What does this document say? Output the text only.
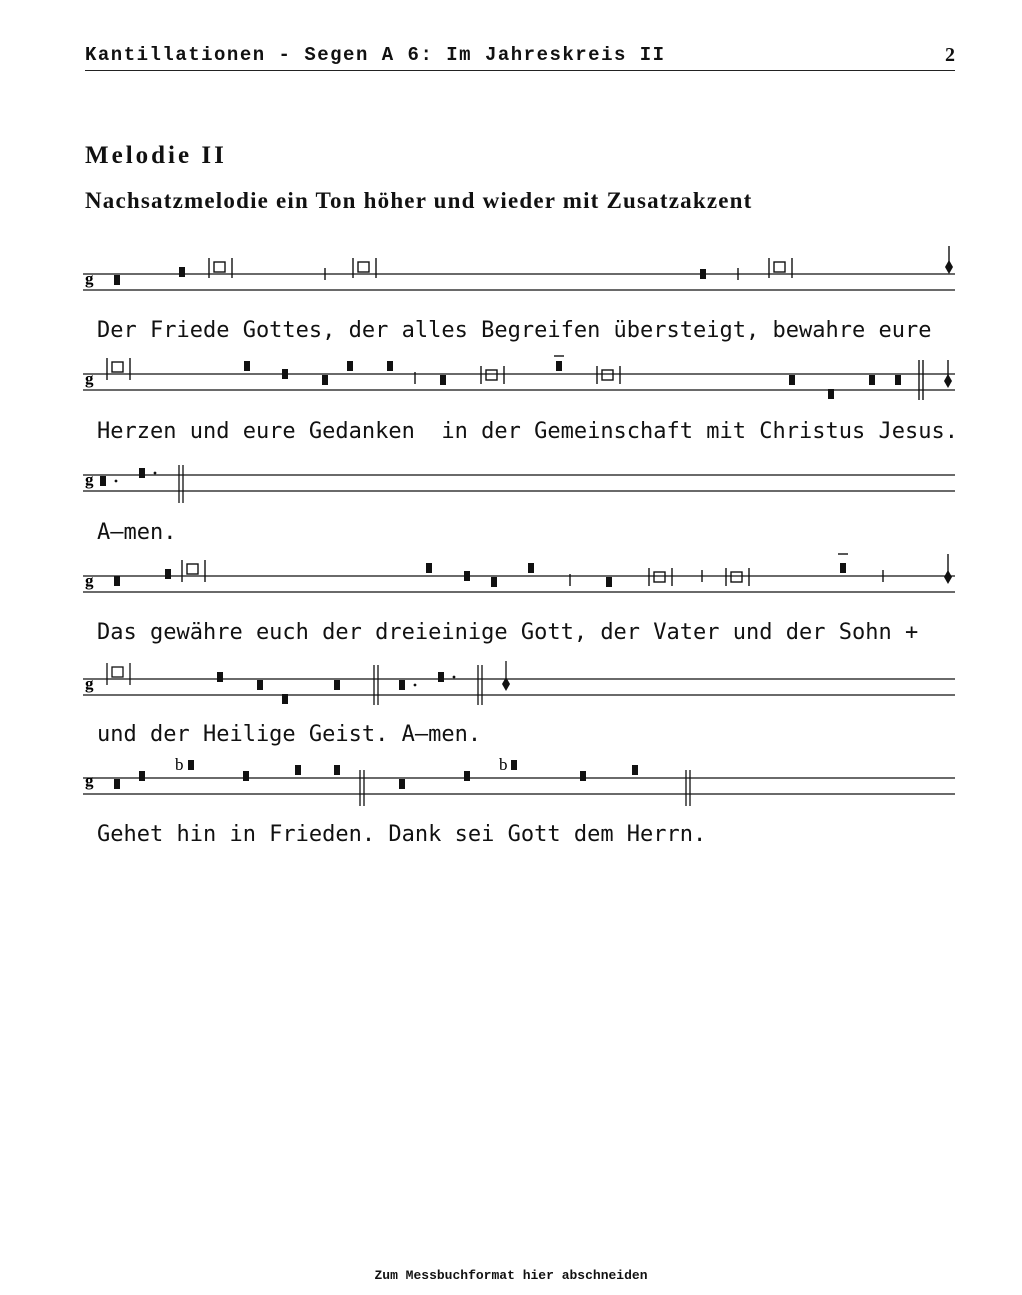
Kantillationen - Segen A 6: Im Jahreskreis II	2
Melodie II
Nachsatzmelodie ein Ton höher und wieder mit Zusatzakzent
g
Der Friede Gottes, der alles Begreifen übersteigt, bewahre eure
g
Herzen und eure Gedanken  in der Gemeinschaft mit Christus Jesus.
g
A–men.
g
Das gewähre euch der dreieinige Gott, der Vater und der Sohn +
g
und der Heilige Geist. A–men.
g
b	b
Gehet hin in Frieden. Dank sei Gott dem Herrn.
Zum Messbuchformat hier abschneiden
